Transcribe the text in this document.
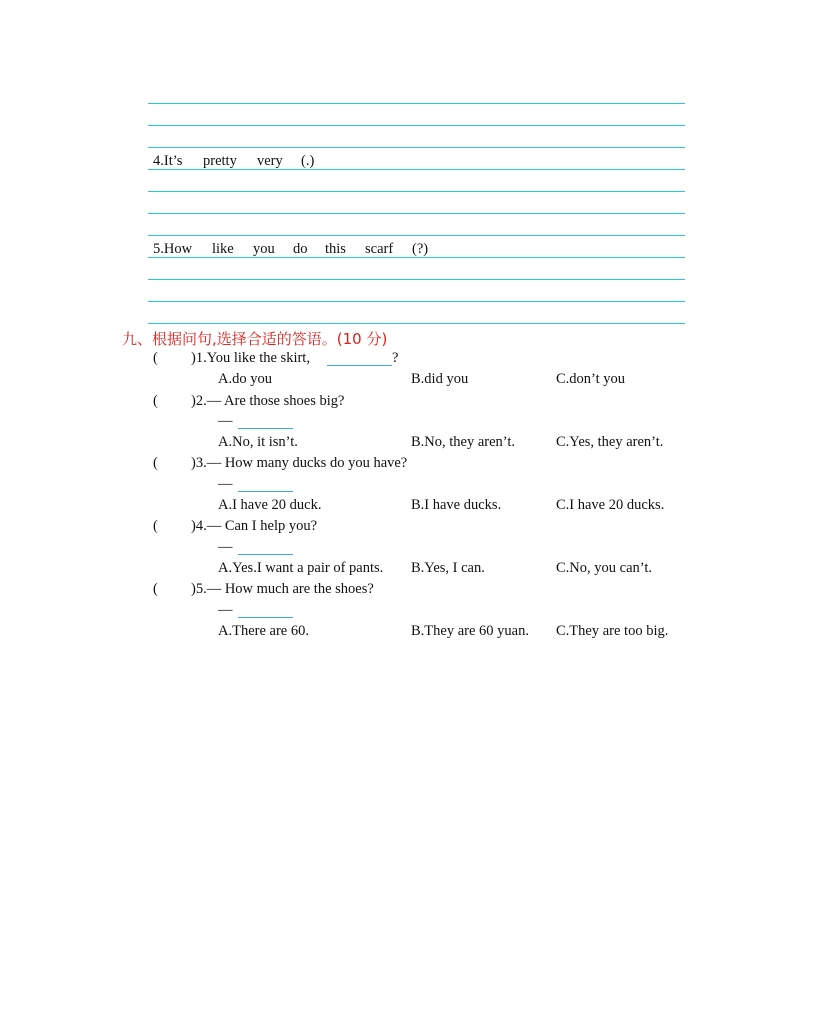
4.It’s pretty very (.)
5.How like you do this scarf (?)
九、根据问句,选择合适的答语。(10 分)
( )1.You like the skirt,	?
A.do you	B.did you	C.don’t you
( )2.— Are those shoes big?
—
A.No, it isn’t.	B.No, they aren’t.	C.Yes, they aren’t.
( )3.— How many ducks do you have?
—
A.I have 20 duck.	B.I have ducks.	C.I have 20 ducks.
( )4.— Can I help you?
—
A.Yes.I want a pair of pants. B.Yes, I can.	C.No, you can’t.
( )5.— How much are the shoes?
—
A.There are 60.	B.They are 60 yuan. C.They are too big.
